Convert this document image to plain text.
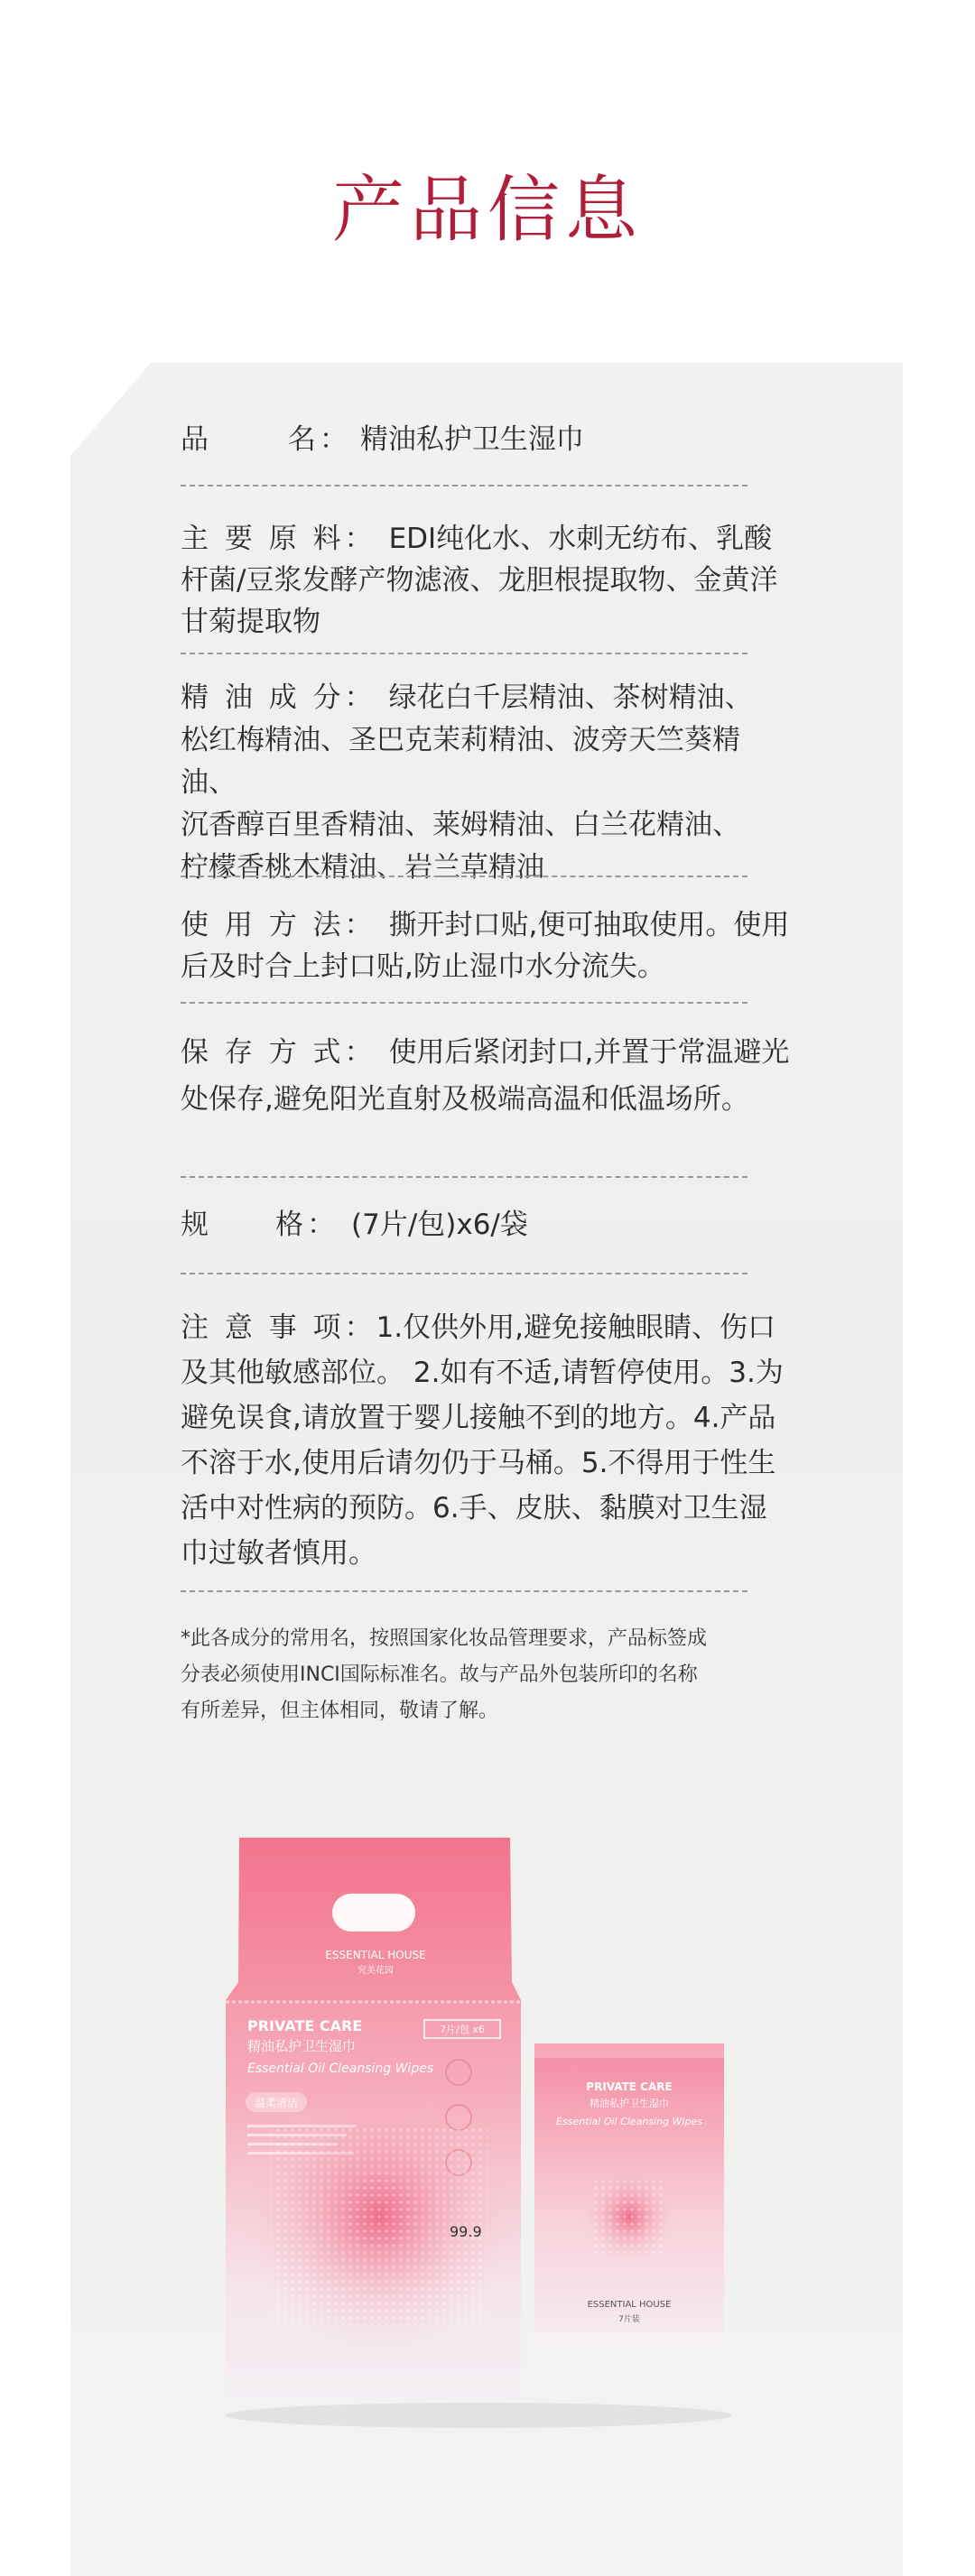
产品信息
品　　 名： 精油私护卫生湿巾
主 要 原 料： EDI纯化水、水刺无纺布、乳酸杆菌/豆浆发酵产物滤液、龙胆根提取物、金黄洋甘菊提取物
精 油 成 分： 绿花白千层精油、茶树精油、
松红梅精油、圣巴克茉莉精油、波旁天竺葵精油、
沉香醇百里香精油、莱姆精油、白兰花精油、
柠檬香桃木精油、岩兰草精油
使 用 方 法： 撕开封口贴,便可抽取使用。使用后及时合上封口贴,防止湿巾水分流失。
保 存 方 式： 使用后紧闭封口,并置于常温避光处保存,避免阳光直射及极端高温和低温场所。
规　　格： (7片/包)x6/袋
注 意 事 项：1.仅供外用,避免接触眼睛、伤口及其他敏感部位。 2.如有不适,请暂停使用。3.为避免误食,请放置于婴儿接触不到的地方。4.产品不溶于水,使用后请勿仍于马桶。5.不得用于性生活中对性病的预防。6.手、皮肤、黏膜对卫生湿巾过敏者慎用。
*此各成分的常用名，按照国家化妆品管理要求，产品标签成
分表必须使用INCI国际标准名。故与产品外包装所印的名称
有所差异，但主体相同，敬请了解。
ESSENTIAL HOUSE
究美花园
PRIVATE CARE
精油私护卫生湿巾
Essential Oil Cleansing Wipes
7片/包 x6
温柔清洁
99.9
PRIVATE CARE
精油私护卫生湿巾
Essential Oil Cleansing Wipes
ESSENTIAL HOUSE
7片装
